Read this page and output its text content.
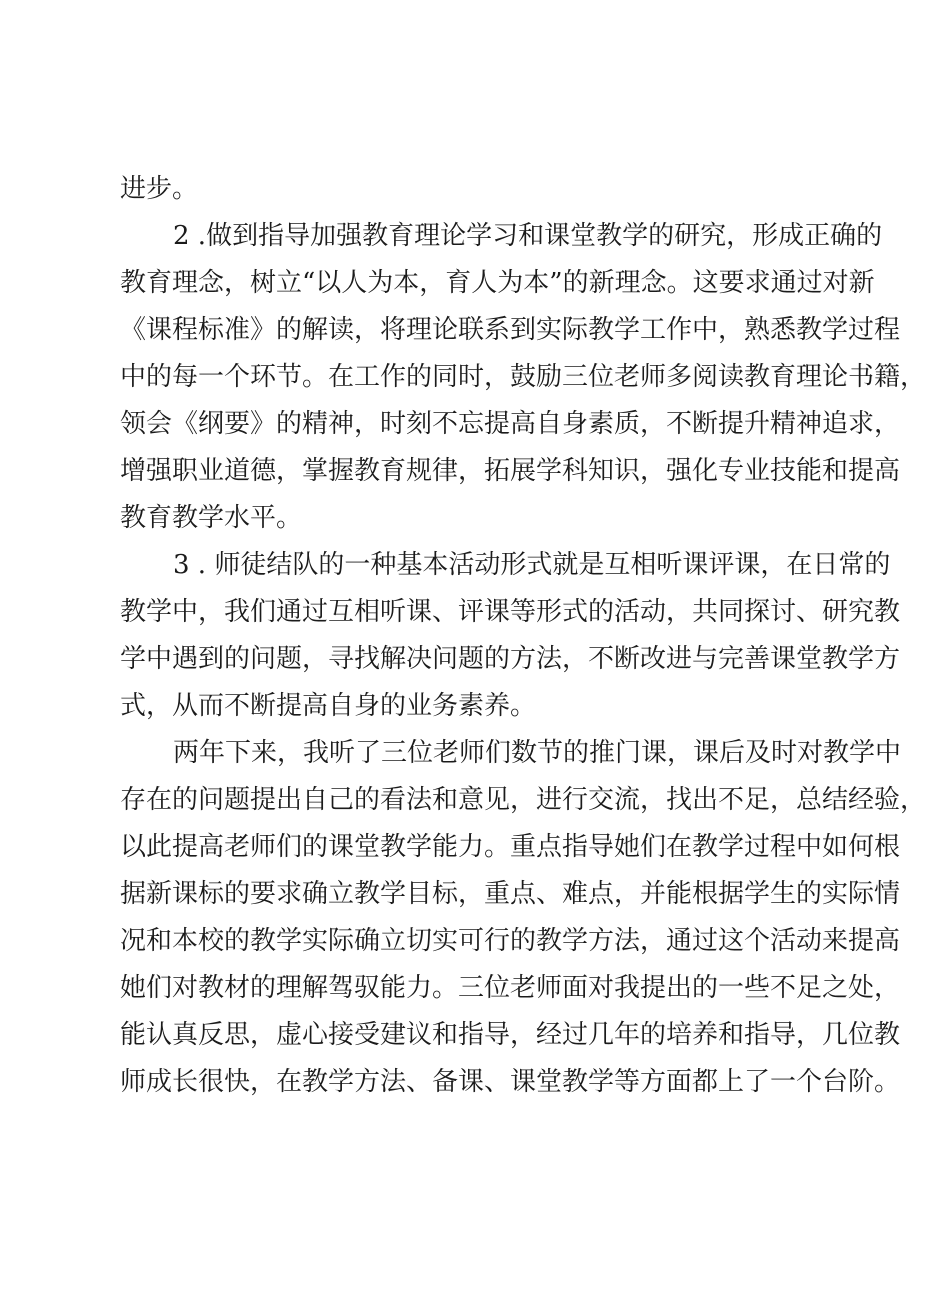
进步。
2 .做到指导加强教育理论学习和课堂教学的研究，形成正确的
教育理念，树立“以人为本，育人为本”的新理念。这要求通过对新
《课程标准》的解读，将理论联系到实际教学工作中，熟悉教学过程
中的每一个环节。在工作的同时，鼓励三位老师多阅读教育理论书籍，
领会《纲要》的精神，时刻不忘提高自身素质，不断提升精神追求，
增强职业道德，掌握教育规律，拓展学科知识，强化专业技能和提高
教育教学水平。
3 . 师徒结队的一种基本活动形式就是互相听课评课，在日常的
教学中，我们通过互相听课、评课等形式的活动，共同探讨、研究教
学中遇到的问题，寻找解决问题的方法，不断改进与完善课堂教学方
式，从而不断提高自身的业务素养。
两年下来，我听了三位老师们数节的推门课，课后及时对教学中
存在的问题提出自己的看法和意见，进行交流，找出不足，总结经验，
以此提高老师们的课堂教学能力。重点指导她们在教学过程中如何根
据新课标的要求确立教学目标，重点、难点，并能根据学生的实际情
况和本校的教学实际确立切实可行的教学方法，通过这个活动来提高
她们对教材的理解驾驭能力。三位老师面对我提出的一些不足之处，
能认真反思，虚心接受建议和指导，经过几年的培养和指导，几位教
师成长很快，在教学方法、备课、课堂教学等方面都上了一个台阶。
